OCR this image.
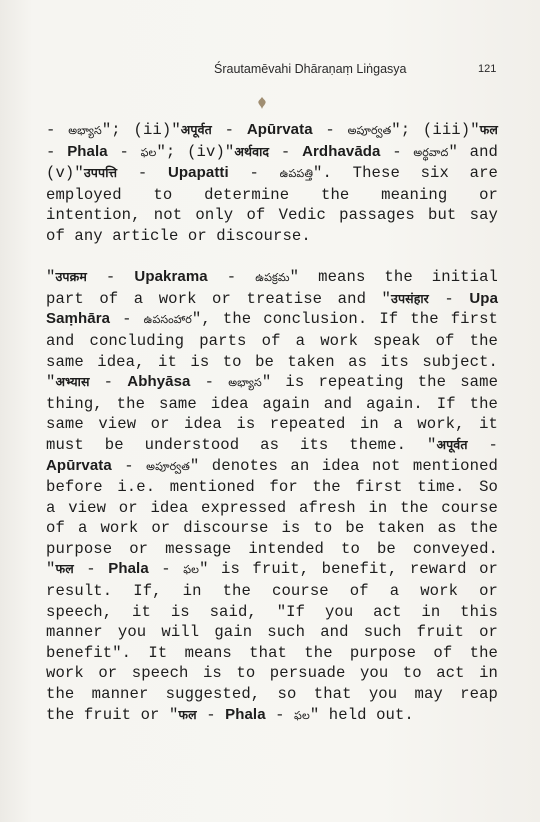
Śrautamēvahi Dhāraṇaṃ Liṅgasya	121

- అభ్యాస"; (ii)"अपूर्वत - Apūrvata - అపూర్వత"; (iii)"फल
- Phala - ఫల"; (iv)"अर्थवाद - Ardhavāda - అర్థవాద" and
(v)"उपपत्ति - Upapatti - ఉపపత్తి". These six are
employed to determine the meaning or
intention, not only of Vedic passages but say
of any article or discourse.

"उपक्रम - Upakrama - ఉపక్రమ" means the initial
part of a work or treatise and "उपसंहार - Upa
Saṃhāra - ఉపసంహార", the conclusion. If the first
and concluding parts of a work speak of the
same idea, it is to be taken as its subject.
"अभ्यास - Abhyāsa - అభ్యాస" is repeating the same
thing, the same idea again and again. If the
same view or idea is repeated in a work, it
must be understood as its theme. "अपूर्वत -
Apūrvata - అపూర్వత" denotes an idea not mentioned
before i.e. mentioned for the first time. So
a view or idea expressed afresh in the course
of a work or discourse is to be taken as the
purpose or message intended to be conveyed.
"फल - Phala - ఫల" is fruit, benefit, reward or
result. If, in the course of a work or
speech, it is said, "If you act in this
manner you will gain such and such fruit or
benefit". It means that the purpose of the
work or speech is to persuade you to act in
the manner suggested, so that you may reap
the fruit or "फल - Phala - ఫల" held out.
